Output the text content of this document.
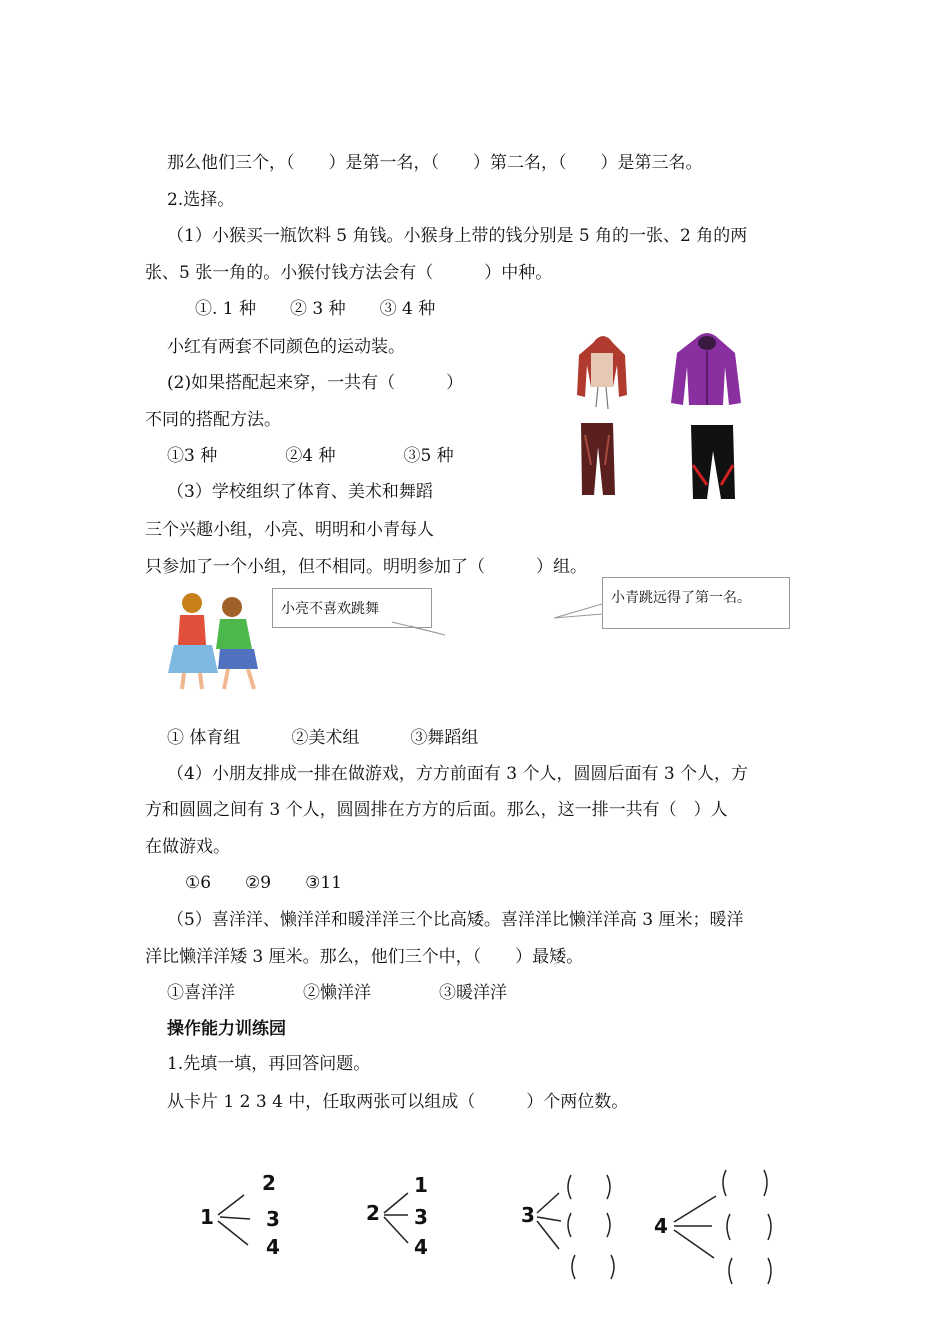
那么他们三个，（　　）是第一名，（　　）第二名，（　　）是第三名。
2.选择。
（1）小猴买一瓶饮料 5 角钱。小猴身上带的钱分别是 5 角的一张、2 角的两
张、5 张一角的。小猴付钱方法会有（　　　）中种。
①. 1 种　　② 3 种　　③ 4 种
小红有两套不同颜色的运动装。
(2)如果搭配起来穿，一共有（　　　）
不同的搭配方法。
①3 种　　　　②4 种　　　　③5 种
（3）学校组织了体育、美术和舞蹈
三个兴趣小组，小亮、明明和小青每人
只参加了一个小组，但不相同。明明参加了（　　　）组。
小亮不喜欢跳舞
小青跳远得了第一名。
① 体育组　　　②美术组　　　③舞蹈组
（4）小朋友排成一排在做游戏，方方前面有 3 个人，圆圆后面有 3 个人，方
方和圆圆之间有 3 个人，圆圆排在方方的后面。那么，这一排一共有（　）人
在做游戏。
①6　　②9　　③11
（5）喜洋洋、懒洋洋和暖洋洋三个比高矮。喜洋洋比懒洋洋高 3 厘米；暖洋
洋比懒洋洋矮 3 厘米。那么，他们三个中，（　　）最矮。
①喜洋洋　　　　②懒洋洋　　　　③暖洋洋
操作能力训练园
1.先填一填，再回答问题。
从卡片 1 2 3 4 中，任取两张可以组成（　　　）个两位数。
1
2
3
4
2
1
3
4
3	4
